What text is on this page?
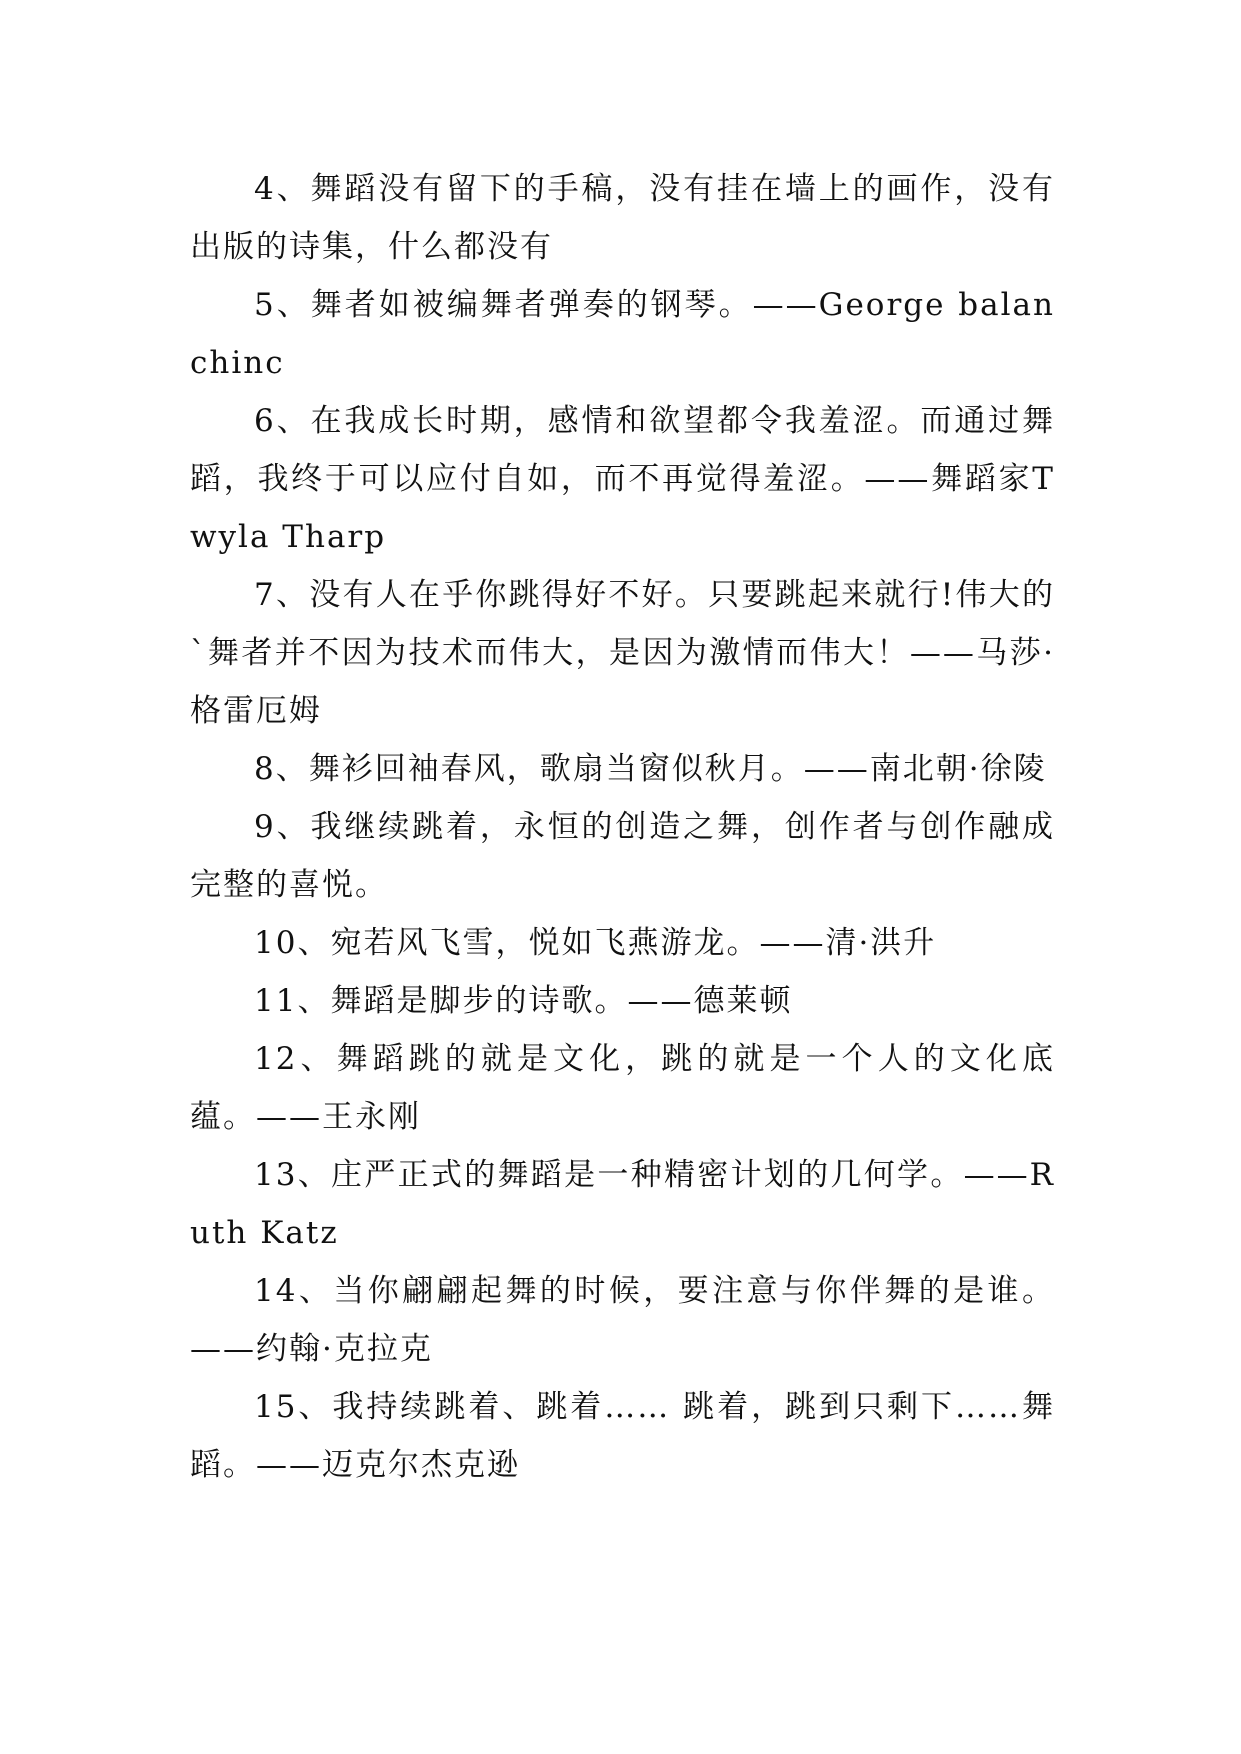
4、舞蹈没有留下的手稿，没有挂在墙上的画作，没有出版的诗集，什么都没有

5、舞者如被编舞者弹奏的钢琴。——George balanchinc

6、在我成长时期，感情和欲望都令我羞涩。而通过舞蹈，我终于可以应付自如，而不再觉得羞涩。——舞蹈家Twyla Tharp

7、没有人在乎你跳得好不好。只要跳起来就行!伟大的`舞者并不因为技术而伟大，是因为激情而伟大！——马莎·格雷厄姆

8、舞衫回袖春风，歌扇当窗似秋月。——南北朝·徐陵

9、我继续跳着，永恒的创造之舞，创作者与创作融成完整的喜悦。

10、宛若风飞雪，悦如飞燕游龙。——清·洪升

11、舞蹈是脚步的诗歌。——德莱顿

12、舞蹈跳的就是文化，跳的就是一个人的文化底蕴。——王永刚

13、庄严正式的舞蹈是一种精密计划的几何学。——Ruth Katz

14、当你翩翩起舞的时候，要注意与你伴舞的是谁。——约翰·克拉克

15、我持续跳着、跳着…… 跳着，跳到只剩下……舞蹈。——迈克尔杰克逊
